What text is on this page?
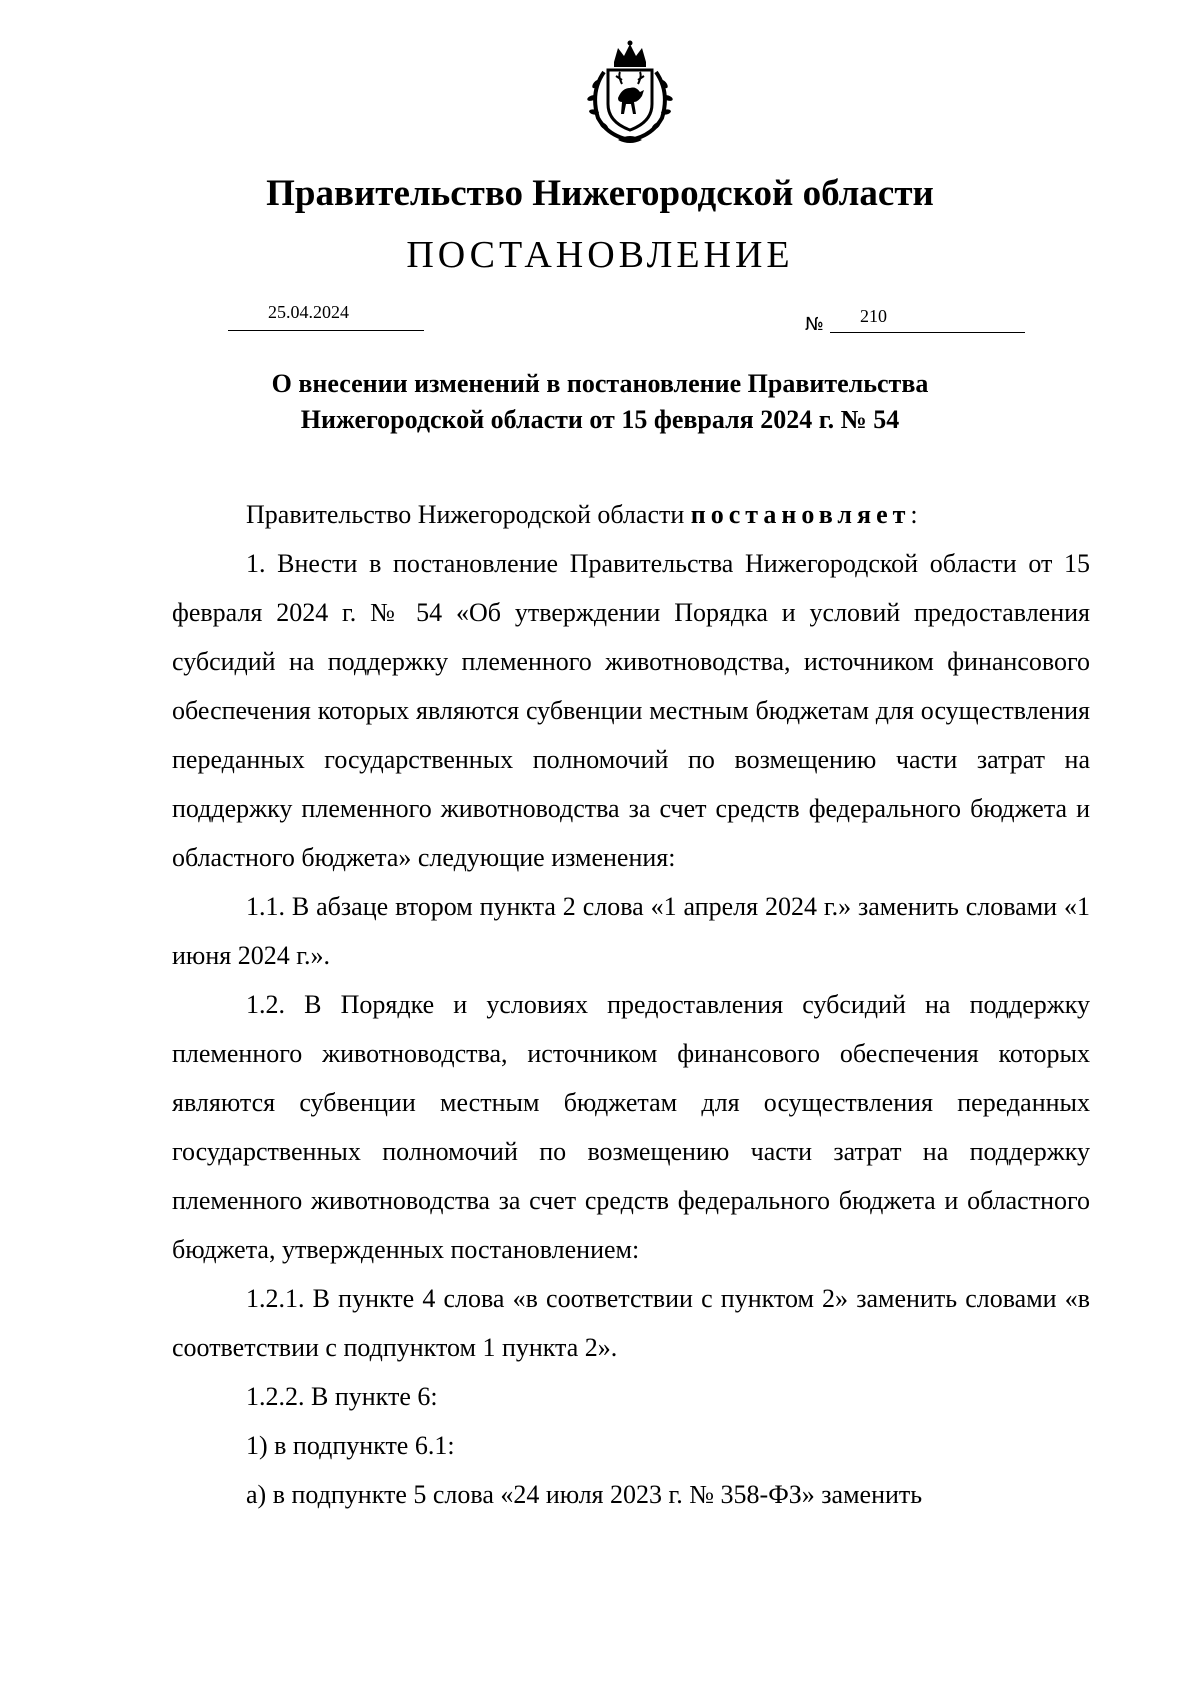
Правительство Нижегородской области
ПОСТАНОВЛЕНИЕ
25.04.2024
№ 210
О внесении изменений в постановление Правительства
Нижегородской области от 15 февраля 2024 г. № 54

Правительство Нижегородской области постановляет:

1. Внести в постановление Правительства Нижегородской области от 15 февраля 2024 г. № 54 «Об утверждении Порядка и условий предоставления субсидий на поддержку племенного животноводства, источником финансового обеспечения которых являются субвенции местным бюджетам для осуществления переданных государственных полномочий по возмещению части затрат на поддержку племенного животноводства за счет средств федерального бюджета и областного бюджета» следующие изменения:

1.1. В абзаце втором пункта 2 слова «1 апреля 2024 г.» заменить словами «1 июня 2024 г.».

1.2. В Порядке и условиях предоставления субсидий на поддержку племенного животноводства, источником финансового обеспечения которых являются субвенции местным бюджетам для осуществления переданных государственных полномочий по возмещению части затрат на поддержку племенного животноводства за счет средств федерального бюджета и областного бюджета, утвержденных постановлением:

1.2.1. В пункте 4 слова «в соответствии с пунктом 2» заменить словами «в соответствии с подпунктом 1 пункта 2».

1.2.2. В пункте 6:

1) в подпункте 6.1:

а) в подпункте 5 слова «24 июля 2023 г. № 358-ФЗ» заменить
